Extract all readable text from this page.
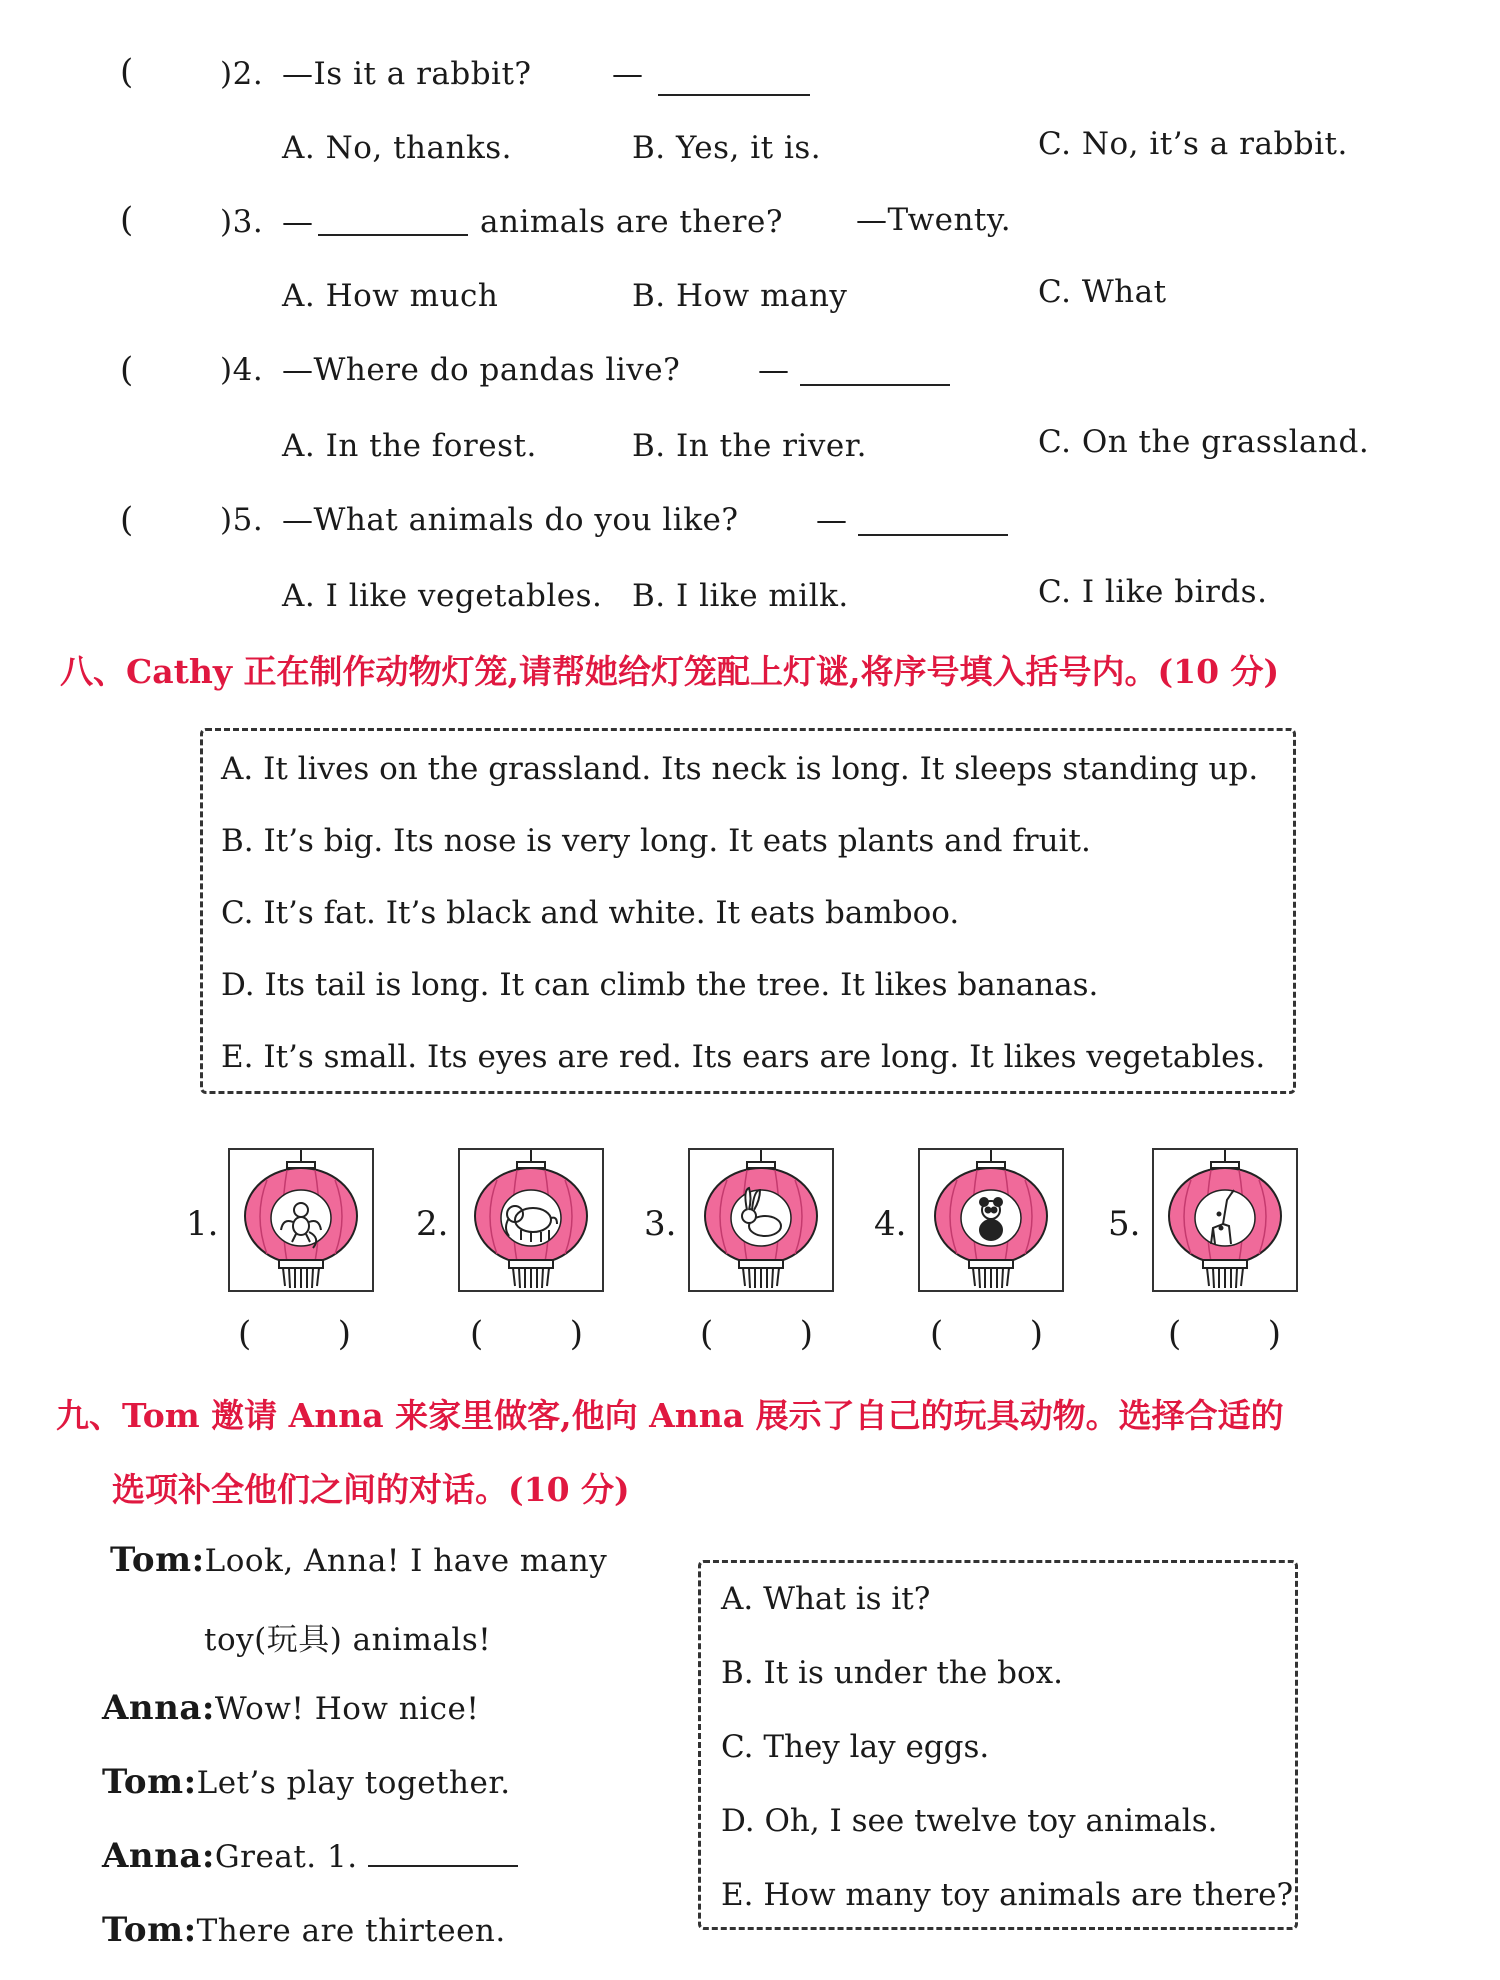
(	)2. —Is it a rabbit?	—
A. No, thanks.	B. Yes, it is.	C. No, it’s a rabbit.
(	)3. —	animals are there? —Twenty.
A. How much	B. How many	C. What
(	)4. —Where do pandas live?	—
A. In the forest.	B. In the river.	C. On the grassland.
(	)5. —What animals do you like?	—
A. I like vegetables. B. I like milk.	C. I like birds.
八、Cathy 正在制作动物灯笼,请帮她给灯笼配上灯谜,将序号填入括号内。(10 分)
A. It lives on the grassland. Its neck is long. It sleeps standing up.
B. It’s big. Its nose is very long. It eats plants and fruit.
C. It’s fat. It’s black and white. It eats bamboo.
D. Its tail is long. It can climb the tree. It likes bananas.
E. It’s small. Its eyes are red. Its ears are long. It likes vegetables.
1.
(        )
2.
(        )
3.
(        )
4.
(        )
5.
(        )
九、Tom 邀请 Anna 来家里做客,他向 Anna 展示了自己的玩具动物。选择合适的
选项补全他们之间的对话。(10 分)
Tom:Look, Anna! I have many
toy(玩具) animals!
Anna:Wow! How nice!
Tom:Let’s play together.
Anna:Great. 1.
Tom:There are thirteen.
A. What is it?
B. It is under the box.
C. They lay eggs.
D. Oh, I see twelve toy animals.
E. How many toy animals are there?
